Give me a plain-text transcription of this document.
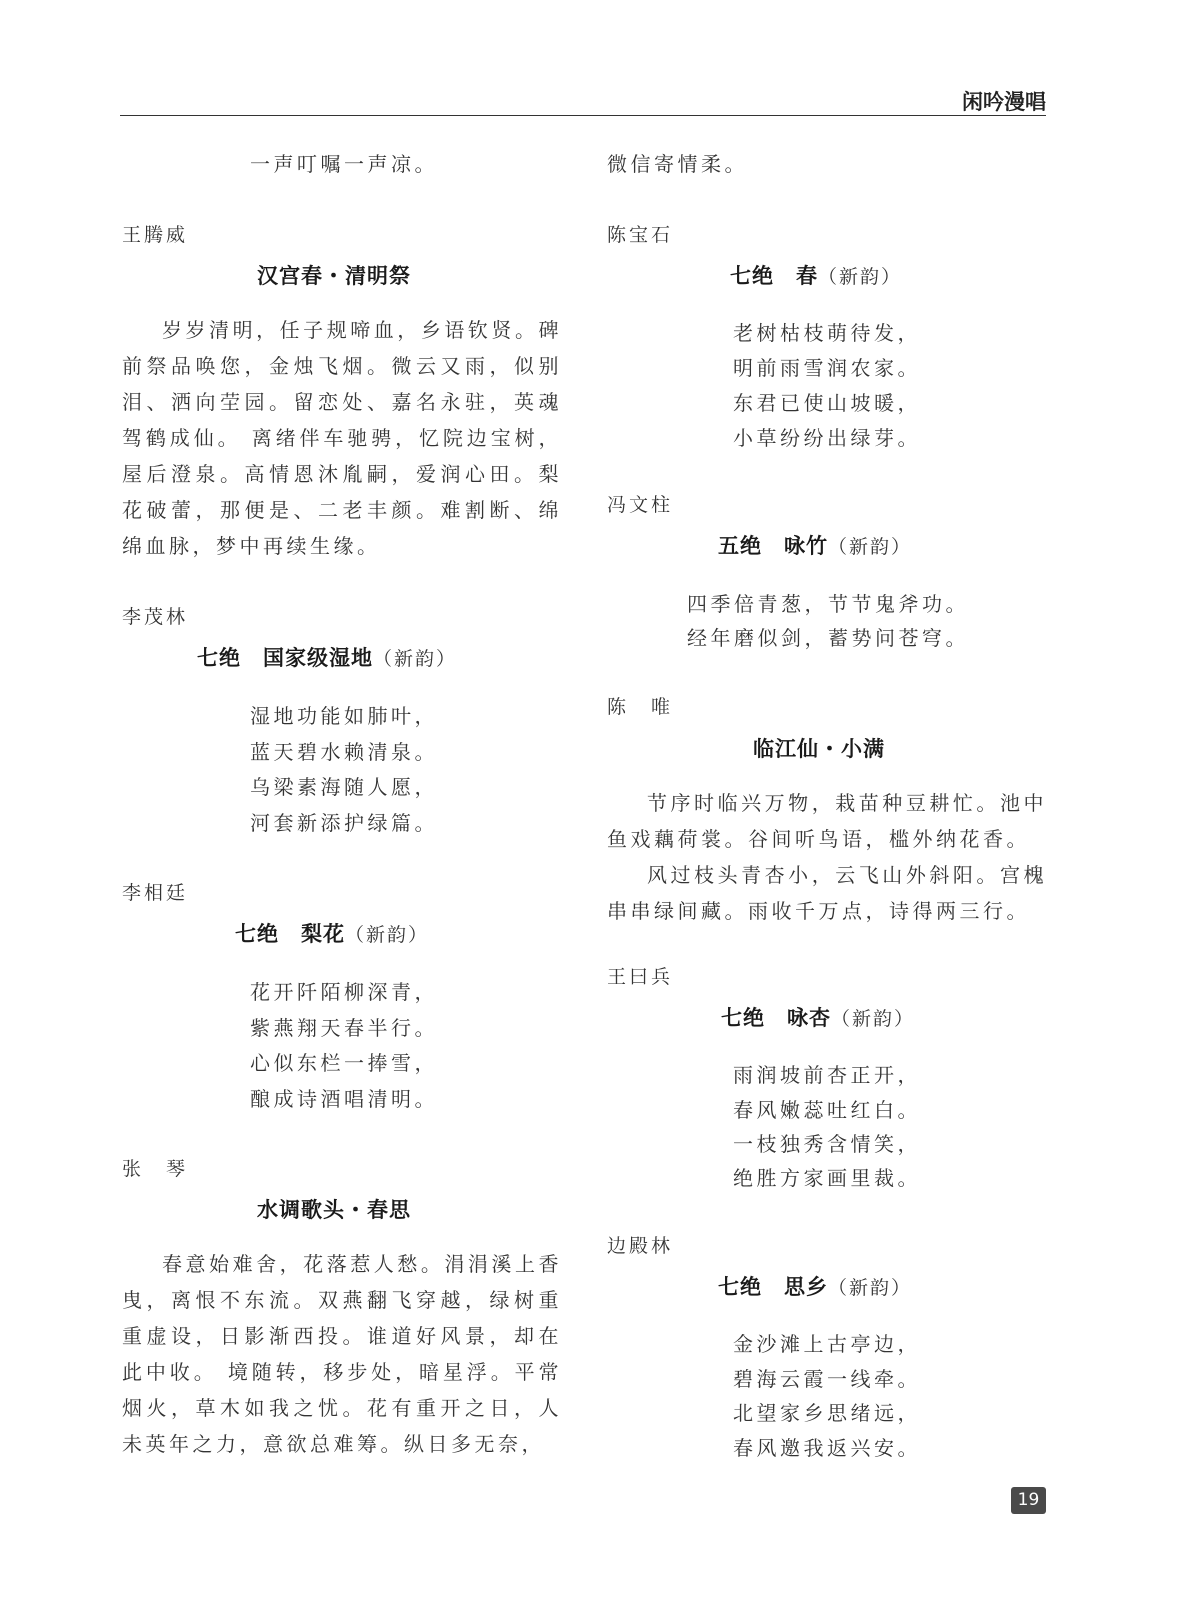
闲吟漫唱
一声叮嘱一声凉。
王腾威
汉宫春・清明祭

岁岁清明，任子规啼血，乡语钦贤。碑前祭品唤您，金烛飞烟。微云又雨，似别泪、洒向茔园。留恋处、嘉名永驻，英魂驾鹤成仙。 离绪伴车驰骋，忆院边宝树，屋后澄泉。高情恩沐胤嗣，爱润心田。梨花破蕾，那便是、二老丰颜。难割断、绵绵血脉，梦中再续生缘。

李茂林
七绝　国家级湿地（新韵）
湿地功能如肺叶，
蓝天碧水赖清泉。
乌梁素海随人愿，
河套新添护绿篇。
李相廷
七绝　梨花（新韵）
花开阡陌柳深青，
紫燕翔天春半行。
心似东栏一捧雪，
酿成诗酒唱清明。
张　琴
水调歌头・春思

春意始难舍，花落惹人愁。涓涓溪上香曳，离恨不东流。双燕翻飞穿越，绿树重重虚设，日影渐西投。谁道好风景，却在此中收。 境随转，移步处，暗星浮。平常烟火，草木如我之忧。花有重开之日，人未英年之力，意欲总难筹。纵日多无奈，

微信寄情柔。
陈宝石
七绝　春（新韵）
老树枯枝萌待发，
明前雨雪润农家。
东君已使山坡暖，
小草纷纷出绿芽。
冯文柱
五绝　咏竹（新韵）
四季倍青葱，节节鬼斧功。
经年磨似剑，蓄势问苍穹。
陈　唯
临江仙・小满

节序时临兴万物，栽苗种豆耕忙。池中鱼戏藕荷裳。谷间听鸟语，槛外纳花香。

风过枝头青杏小，云飞山外斜阳。宫槐串串绿间藏。雨收千万点，诗得两三行。

王曰兵
七绝　咏杏（新韵）
雨润坡前杏正开，
春风嫩蕊吐红白。
一枝独秀含情笑，
绝胜方家画里裁。
边殿林
七绝　思乡（新韵）
金沙滩上古亭边，
碧海云霞一线牵。
北望家乡思绪远，
春风邀我返兴安。
19
